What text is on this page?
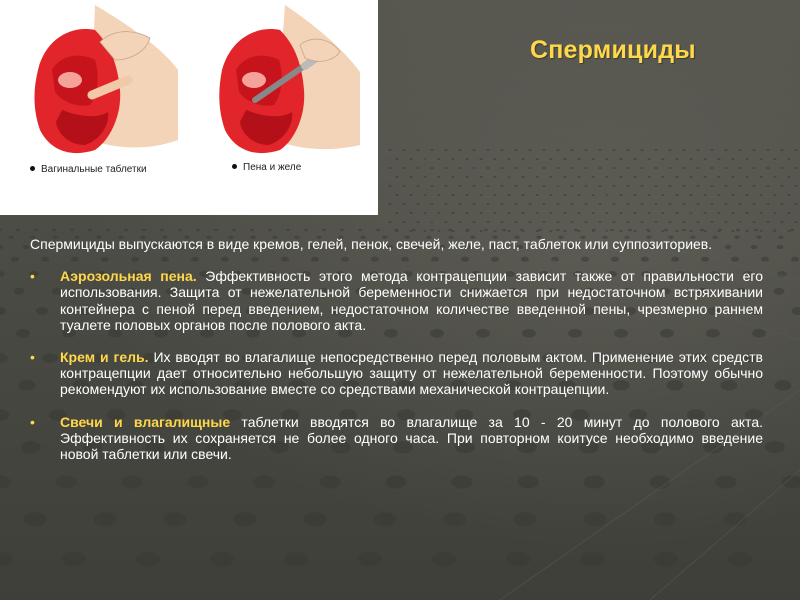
Вагинальные таблетки	Пена и желе
Спермициды

Спермициды выпускаются в виде кремов, гелей, пенок, свечей, желе, паст, таблеток или суппозиториев.

• Аэрозольная пена. Эффективность этого метода контрацепции зависит также от правильности его использования. Защита от нежелательной беременности снижается при недостаточном встряхивании контейнера с пеной перед введением, недостаточном количестве введенной пены, чрезмерно раннем туалете половых органов после полового акта.
• Крем и гель. Их вводят во влагалище непосредственно перед половым актом. Применение этих средств контрацепции дает относительно небольшую защиту от нежелательной беременности. Поэтому обычно рекомендуют их использование вместе со средствами механической контрацепции.
• Свечи и влагалищные таблетки вводятся во влагалище за 10 - 20 минут до полового акта. Эффективность их сохраняется не более одного часа. При повторном коитусе необходимо введение новой таблетки или свечи.
